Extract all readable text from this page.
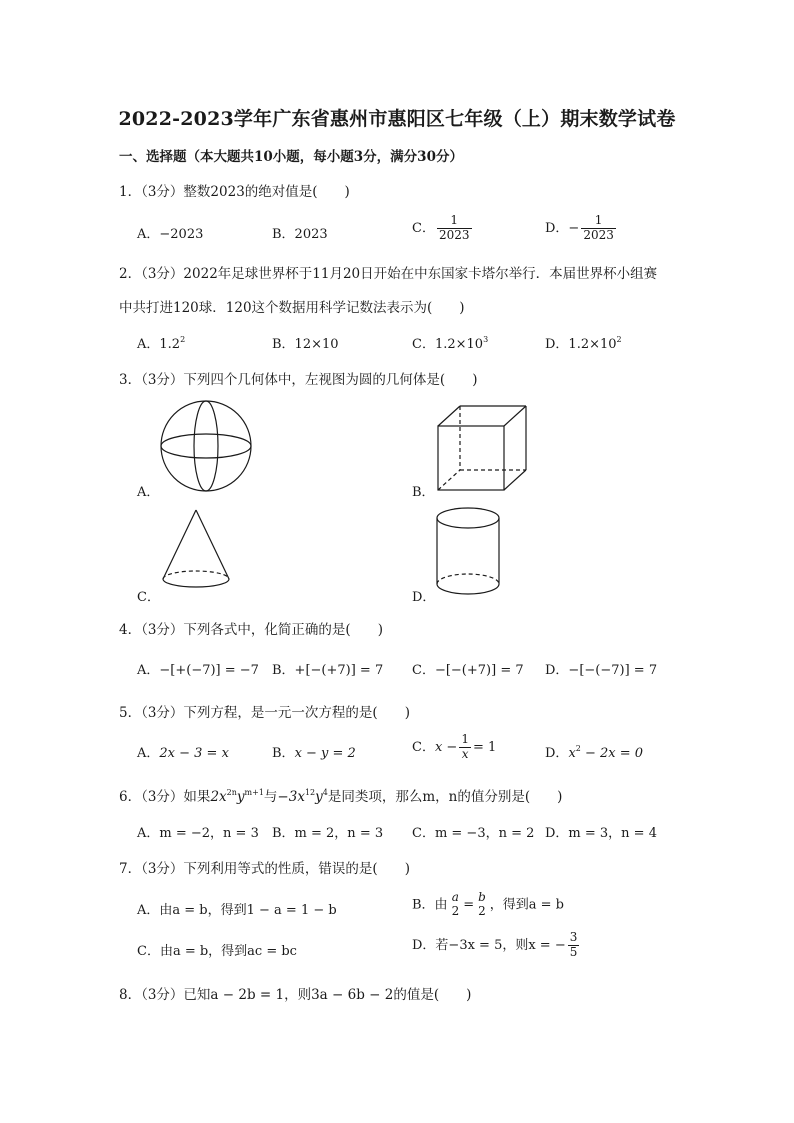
2022-2023学年广东省惠州市惠阳区七年级（上）期末数学试卷
一、选择题（本大题共10小题，每小题3分，满分30分）
1．（3分）整数2023的绝对值是(　　)
A．−2023	B．2023	C． $\frac{1}{2023}$	D．− $\frac{1}{2023}$
2．（3分）2022年足球世界杯于11月20日开始在中东国家卡塔尔举行．本届世界杯小组赛
中共打进120球．120这个数据用科学记数法表示为(　　)
A．$1.2^2$	B．12×10	C．$1.2\times 10^3$	D．$1.2\times 10^2$
3．（3分）下列四个几何体中，左视图为圆的几何体是(　　)
A．	B．
C．	D．
4．（3分）下列各式中，化简正确的是(　　)
A．−[+(−7)] = −7 B．+[−(+7)] = 7 C．−[−(+7)] = 7 D．−[−(−7)] = 7
5．（3分）下列方程，是一元一次方程的是(　　)
A．2x − 3 = x	B．x − y = 2	C．$x - \frac{1}{x} = 1$	D．$x^2 - 2x = 0$
6．（3分）如果$2x^{2n}y^{m+1}$与$-3x^{12}y^4$是同类项，那么m，n的值分别是(　　)
A．m = −2，n = 3 B．m = 2，n = 3 C．m = −3，n = 2 D．m = 3，n = 4
7．（3分）下列利用等式的性质，错误的是(　　)
A．由a = b，得到1 − a = 1 − b	B．由a
2 =b
2 ，得到a = b
C．由a = b，得到ac = bc	D．若−3x = 5，则x = − $\frac{3}{5}$
8．（3分）已知a − 2b = 1，则3a − 6b − 2的值是(　　)
